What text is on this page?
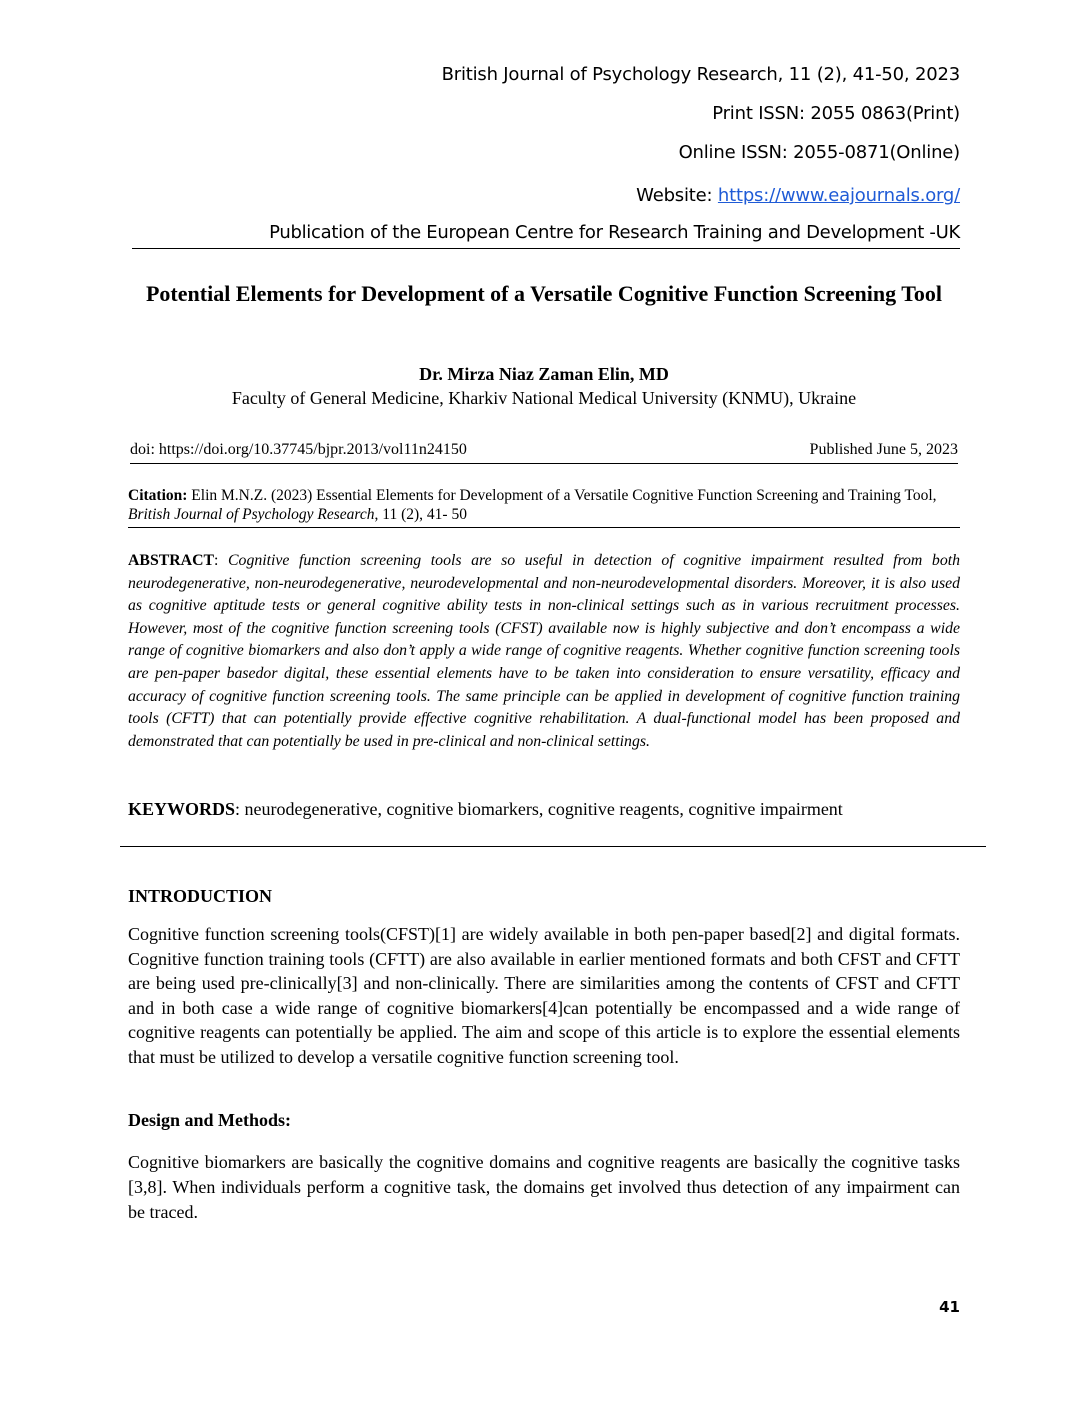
British Journal of Psychology Research, 11 (2), 41-50, 2023
Print ISSN: 2055 0863(Print)
Online ISSN: 2055-0871(Online)
Website: https://www.eajournals.org/
Publication of the European Centre for Research Training and Development -UK
Potential Elements for Development of a Versatile Cognitive Function Screening Tool
Dr. Mirza Niaz Zaman Elin, MD
Faculty of General Medicine, Kharkiv National Medical University (KNMU), Ukraine
doi: https://doi.org/10.37745/bjpr.2013/vol11n24150	Published June 5, 2023
Citation: Elin M.N.Z. (2023) Essential Elements for Development of a Versatile Cognitive Function Screening and Training Tool, British Journal of Psychology Research, 11 (2), 41- 50
ABSTRACT: Cognitive function screening tools are so useful in detection of cognitive impairment resulted from both neurodegenerative, non-neurodegenerative, neurodevelopmental and non-neurodevelopmental disorders. Moreover, it is also used as cognitive aptitude tests or general cognitive ability tests in non-clinical settings such as in various recruitment processes. However, most of the cognitive function screening tools (CFST) available now is highly subjective and don’t encompass a wide range of cognitive biomarkers and also don’t apply a wide range of cognitive reagents. Whether cognitive function screening tools are pen-paper basedor digital, these essential elements have to be taken into consideration to ensure versatility, efficacy and accuracy of cognitive function screening tools. The same principle can be applied in development of cognitive function training tools (CFTT) that can potentially provide effective cognitive rehabilitation. A dual-functional model has been proposed and demonstrated that can potentially be used in pre-clinical and non-clinical settings.
KEYWORDS: neurodegenerative, cognitive biomarkers, cognitive reagents, cognitive impairment
INTRODUCTION
Cognitive function screening tools(CFST)[1] are widely available in both pen-paper based[2] and digital formats. Cognitive function training tools (CFTT) are also available in earlier mentioned formats and both CFST and CFTT are being used pre-clinically[3] and non-clinically. There are similarities among the contents of CFST and CFTT and in both case a wide range of cognitive biomarkers[4]can potentially be encompassed and a wide range of cognitive reagents can potentially be applied. The aim and scope of this article is to explore the essential elements that must be utilized to develop a versatile cognitive function screening tool.
Design and Methods:
Cognitive biomarkers are basically the cognitive domains and cognitive reagents are basically the cognitive tasks [3,8]. When individuals perform a cognitive task, the domains get involved thus detection of any impairment can be traced.
41
